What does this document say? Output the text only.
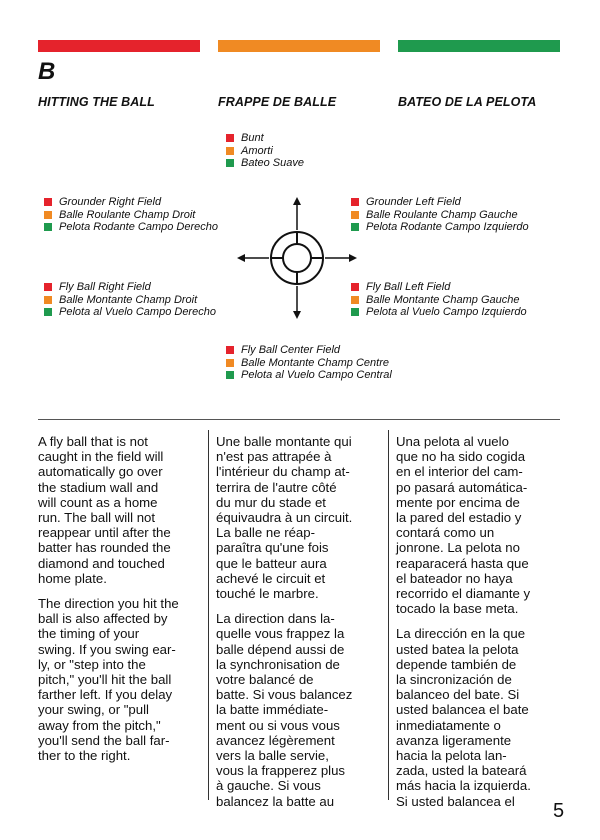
B
HITTING THE BALL	FRAPPE DE BALLE	BATEO DE LA PELOTA
Bunt
Amorti
Bateo Suave
Grounder Right Field
Balle Roulante Champ Droit
Pelota Rodante Campo Derecho
Grounder Left Field
Balle Roulante Champ Gauche
Pelota Rodante Campo Izquierdo
Fly Ball Right Field
Balle Montante Champ Droit
Pelota al Vuelo Campo Derecho
Fly Ball Left Field
Balle Montante Champ Gauche
Pelota al Vuelo Campo Izquierdo
Fly Ball Center Field
Balle Montante Champ Centre
Pelota al Vuelo Campo Central

A fly ball that is not
caught in the field will
automatically go over
the stadium wall and
will count as a home
run. The ball will not
reappear until after the
batter has rounded the
diamond and touched
home plate.

The direction you hit the
ball is also affected by
the timing of your
swing. If you swing ear-
ly, or "step into the
pitch," you'll hit the ball
farther left. If you delay
your swing, or "pull
away from the pitch,"
you'll send the ball far-
ther to the right.

Une balle montante qui
n'est pas attrapée à
l'intérieur du champ at-
terrira de l'autre côté
du mur du stade et
équivaudra à un circuit.
La balle ne réap-
paraîtra qu'une fois
que le batteur aura
achevé le circuit et
touché le marbre.

La direction dans la-
quelle vous frappez la
balle dépend aussi de
la synchronisation de
votre balancé de
batte. Si vous balancez
la batte immédiate-
ment ou si vous vous
avancez légèrement
vers la balle servie,
vous la frapperez plus
à gauche. Si vous
balancez la batte au

Una pelota al vuelo
que no ha sido cogida
en el interior del cam-
po pasará automática-
mente por encima de
la pared del estadio y
contará como un
jonrone. La pelota no
reaparacerá hasta que
el bateador no haya
recorrido el diamante y
tocado la base meta.

La dirección en la que
usted batea la pelota
depende también de
la sincronización de
balanceo del bate. Si
usted balancea el bate
inmediatamente o
avanza ligeramente
hacia la pelota lan-
zada, usted la bateará
más hacia la izquierda.
Si usted balancea el	5
